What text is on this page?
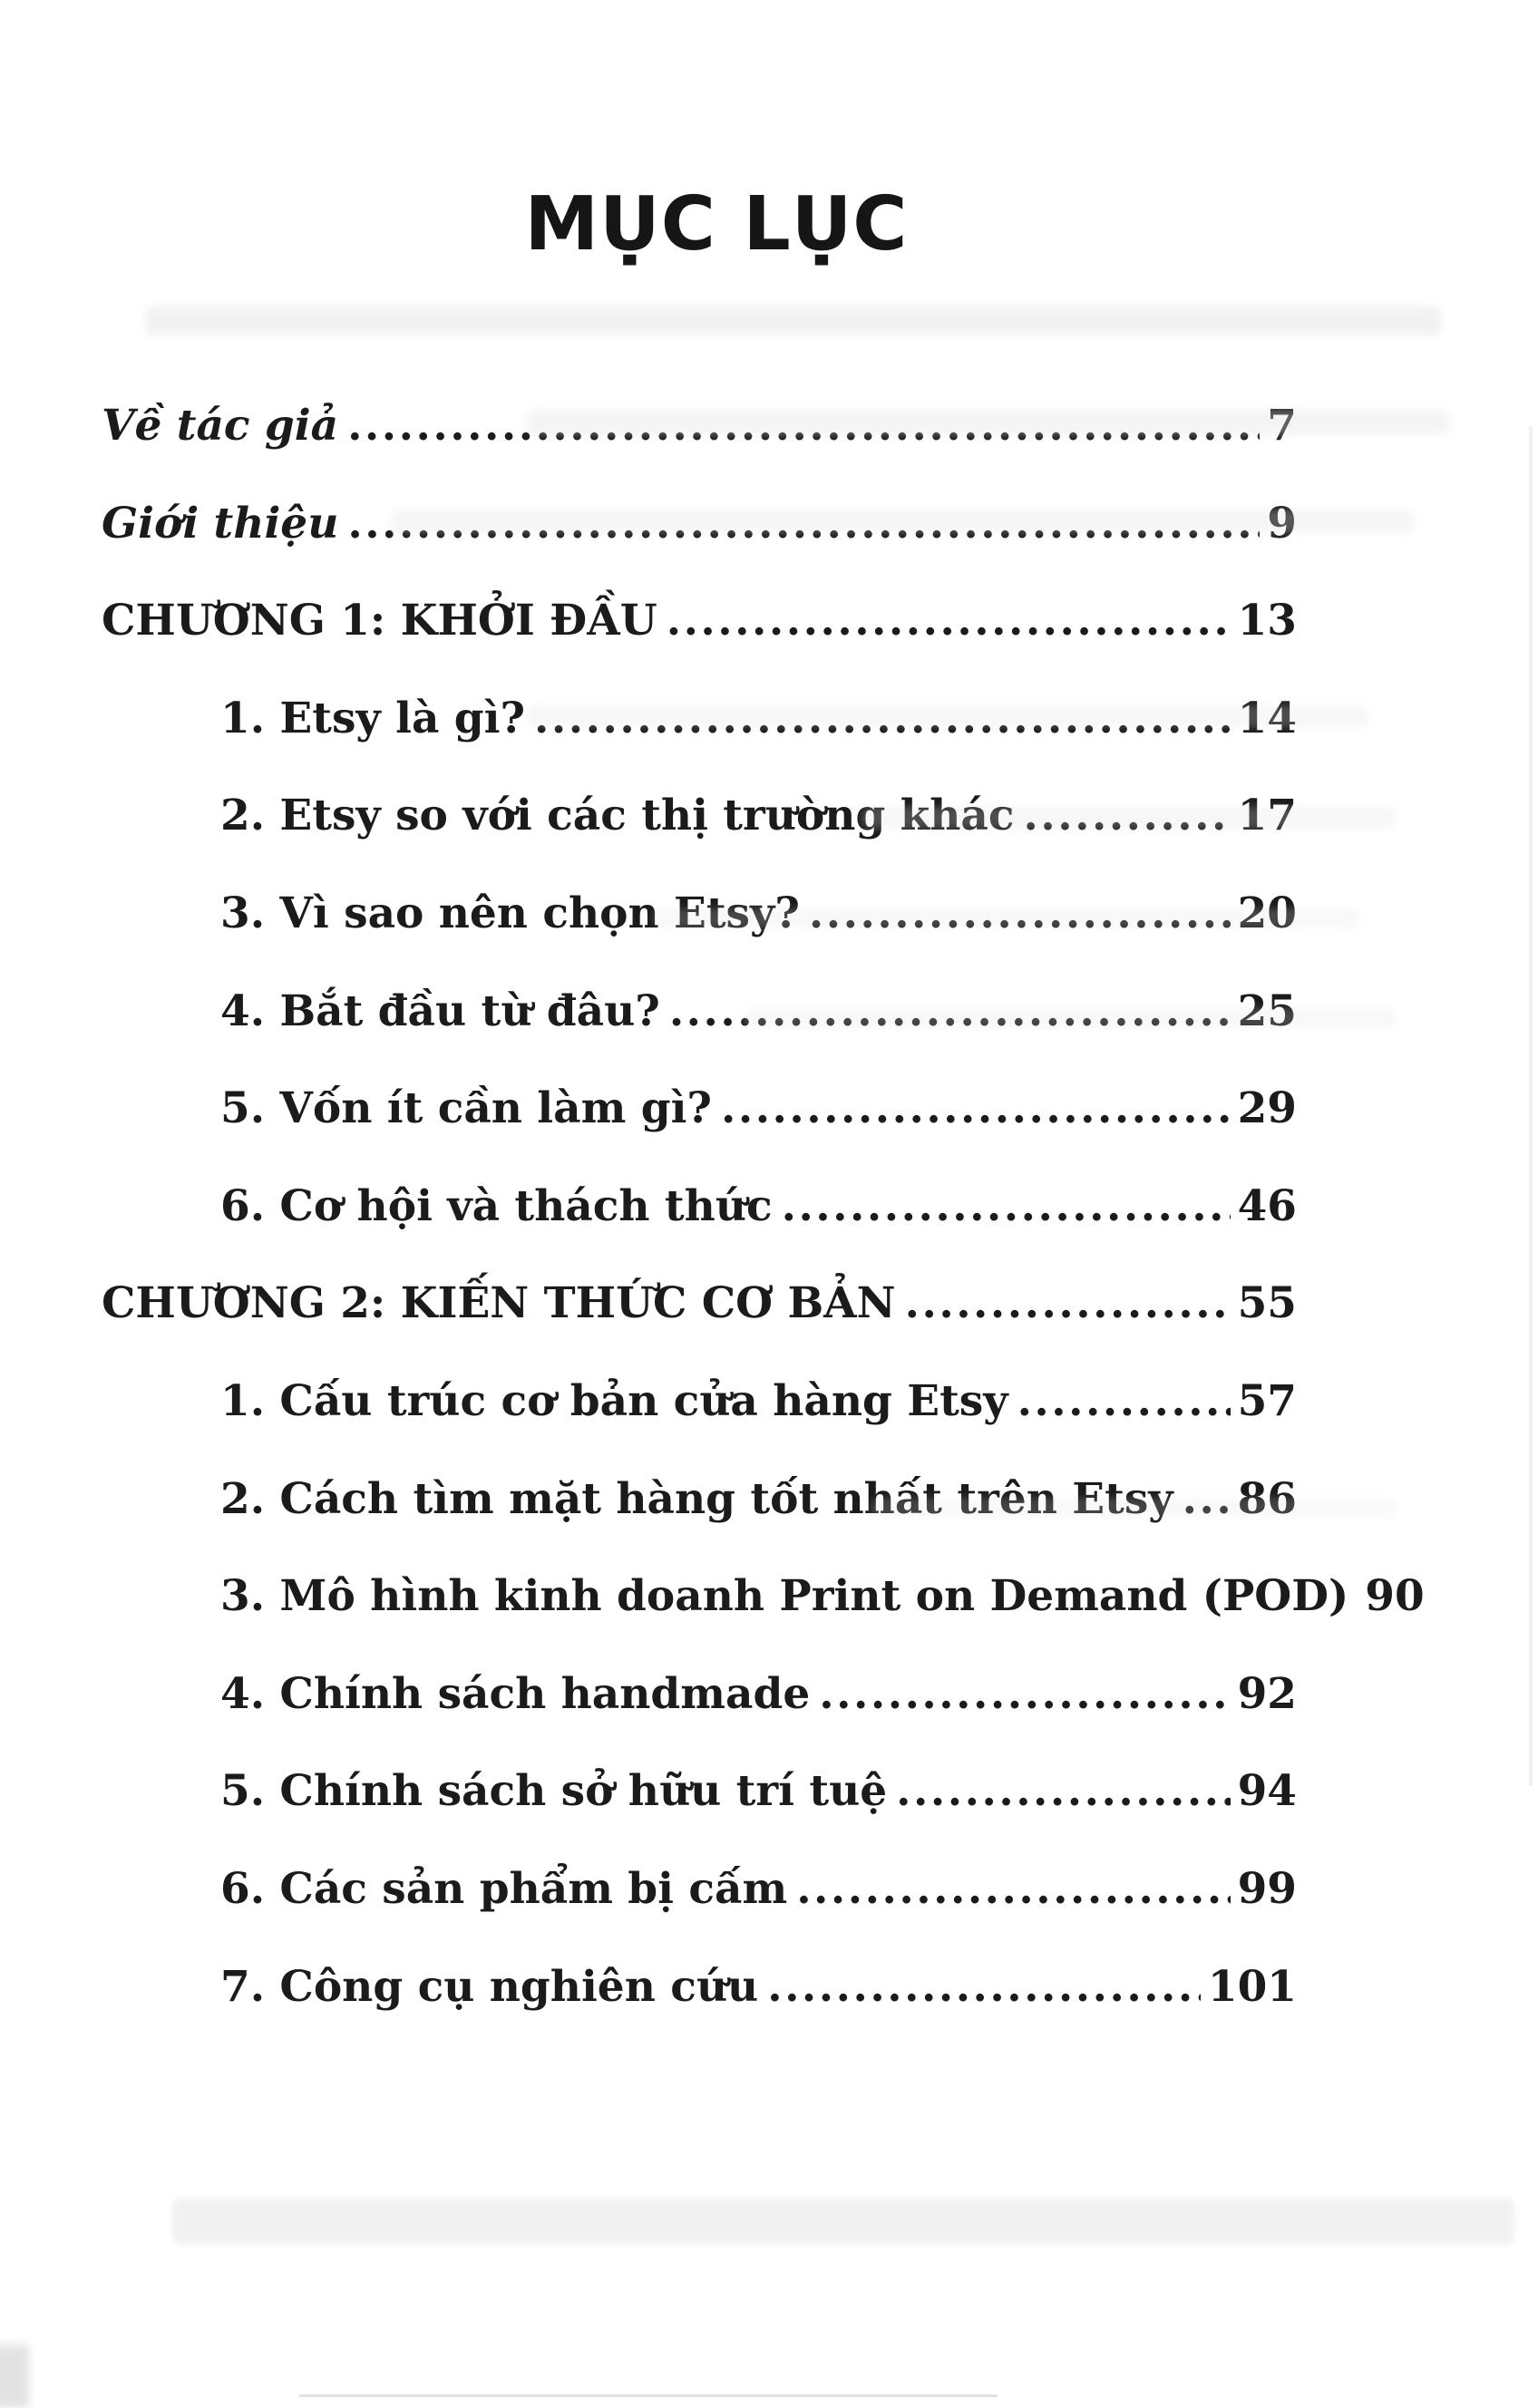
MỤC LỤC
Về tác giả .....	7
Giới thiệu .....	9
CHƯƠNG 1: KHỞI ĐẦU .....	13
1. Etsy là gì? .....	14
2. Etsy so với các thị trường khác .....	17
3. Vì sao nên chọn Etsy? .....	20
4. Bắt đầu từ đâu? .....	25
5. Vốn ít cần làm gì? .....	29
6. Cơ hội và thách thức .....	46
CHƯƠNG 2: KIẾN THỨC CƠ BẢN .....	55
1. Cấu trúc cơ bản cửa hàng Etsy .....	57
2. Cách tìm mặt hàng tốt nhất trên Etsy ..... 86
3. Mô hình kinh doanh Print on Demand (POD) 90
4. Chính sách handmade .....	92
5. Chính sách sở hữu trí tuệ .....	94
6. Các sản phẩm bị cấm .....	99
7. Công cụ nghiên cứu .....	101
